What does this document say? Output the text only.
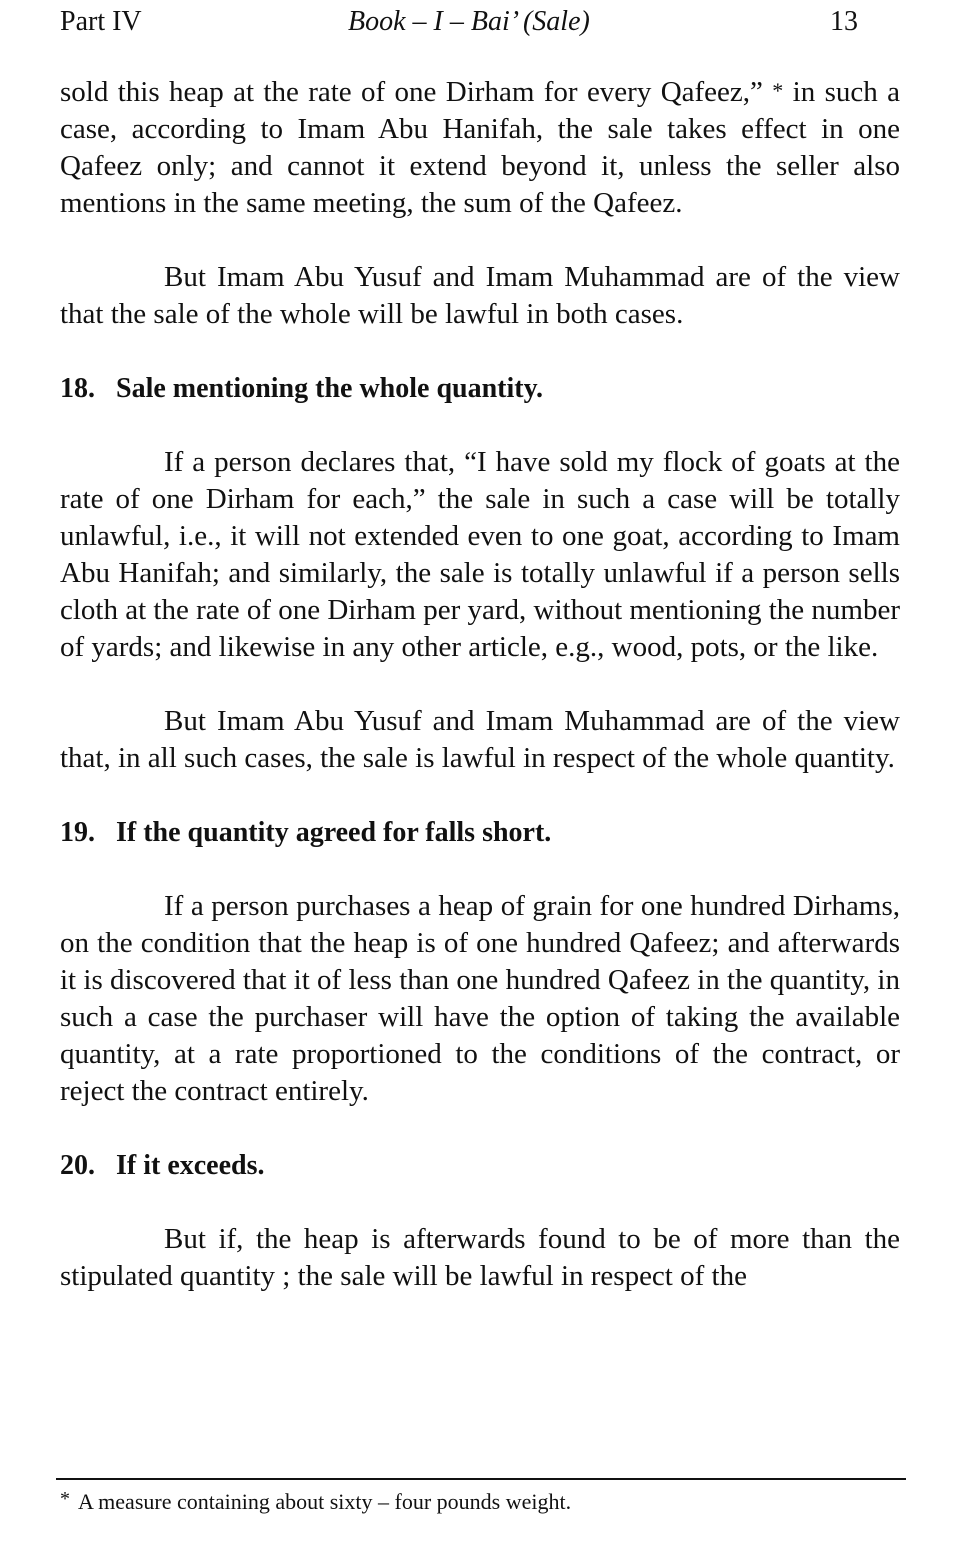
Part IV	Book – I – Bai’ (Sale)	13

sold this heap at the rate of one Dirham for every Qafeez,” * in such a case, according to Imam Abu Hanifah, the sale takes effect in one Qafeez only; and cannot it extend beyond it, unless the seller also mentions in the same meeting, the sum of the Qafeez.

But Imam Abu Yusuf and Imam Muhammad are of the view that the sale of the whole will be lawful in both cases.

18. Sale mentioning the whole quantity.

If a person declares that, “I have sold my flock of goats at the rate of one Dirham for each,” the sale in such a case will be totally unlawful, i.e., it will not extended even to one goat, according to Imam Abu Hanifah; and similarly, the sale is totally unlawful if a person sells cloth at the rate of one Dirham per yard, without mentioning the number of yards; and likewise in any other article, e.g., wood, pots, or the like.

But Imam Abu Yusuf and Imam Muhammad are of the view that, in all such cases, the sale is lawful in respect of the whole quantity.

19. If the quantity agreed for falls short.

If a person purchases a heap of grain for one hundred Dirhams, on the condition that the heap is of one hundred Qafeez; and afterwards it is discovered that it of less than one hundred Qafeez in the quantity, in such a case the purchaser will have the option of taking the available quantity, at a rate proportioned to the conditions of the contract, or reject the contract entirely.

20. If it exceeds.

But if, the heap is afterwards found to be of more than the stipulated quantity ; the sale will be lawful in respect of the

* A measure containing about sixty – four pounds weight.
